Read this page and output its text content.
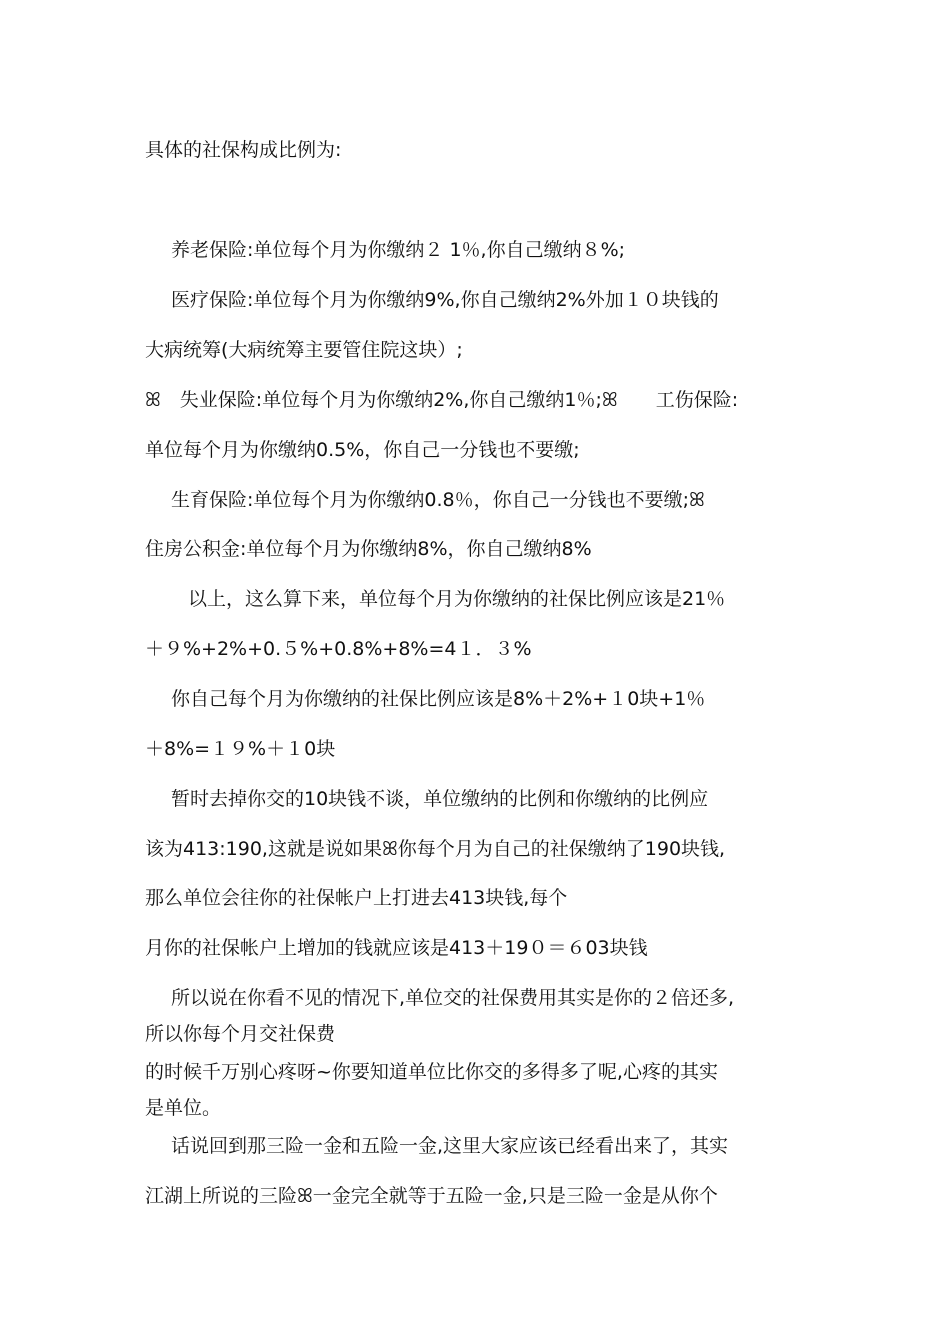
具体的社保构成比例为:
养老保险:单位每个月为你缴纳２ 1％,你自己缴纳８%;
医疗保险:单位每个月为你缴纳9%,你自己缴纳2%外加１０块钱的
大病统筹(大病统筹主要管住院这块）;
ꕤ　失业保险:单位每个月为你缴纳2%,你自己缴纳1％;ꕤ　　工伤保险:
单位每个月为你缴纳0.5%，你自己一分钱也不要缴;
生育保险:单位每个月为你缴纳0.8％，你自己一分钱也不要缴;ꕤ
住房公积金:单位每个月为你缴纳8%，你自己缴纳8%
以上，这么算下来，单位每个月为你缴纳的社保比例应该是21％
＋９%+2%+0.５%+0.8%+8%=4１．３%
你自己每个月为你缴纳的社保比例应该是8%＋2%+１0块+1％
＋8%=１９%＋１0块
暂时去掉你交的10块钱不谈，单位缴纳的比例和你缴纳的比例应
该为413:190,这就是说如果ꕤ你每个月为自己的社保缴纳了190块钱,
那么单位会往你的社保帐户上打进去413块钱,每个
月你的社保帐户上增加的钱就应该是413＋19０＝６03块钱
所以说在你看不见的情况下,单位交的社保费用其实是你的２倍还多,
所以你每个月交社保费
的时候千万别心疼呀~你要知道单位比你交的多得多了呢,心疼的其实
是单位。
话说回到那三险一金和五险一金,这里大家应该已经看出来了，其实
江湖上所说的三险ꕤ一金完全就等于五险一金,只是三险一金是从你个
